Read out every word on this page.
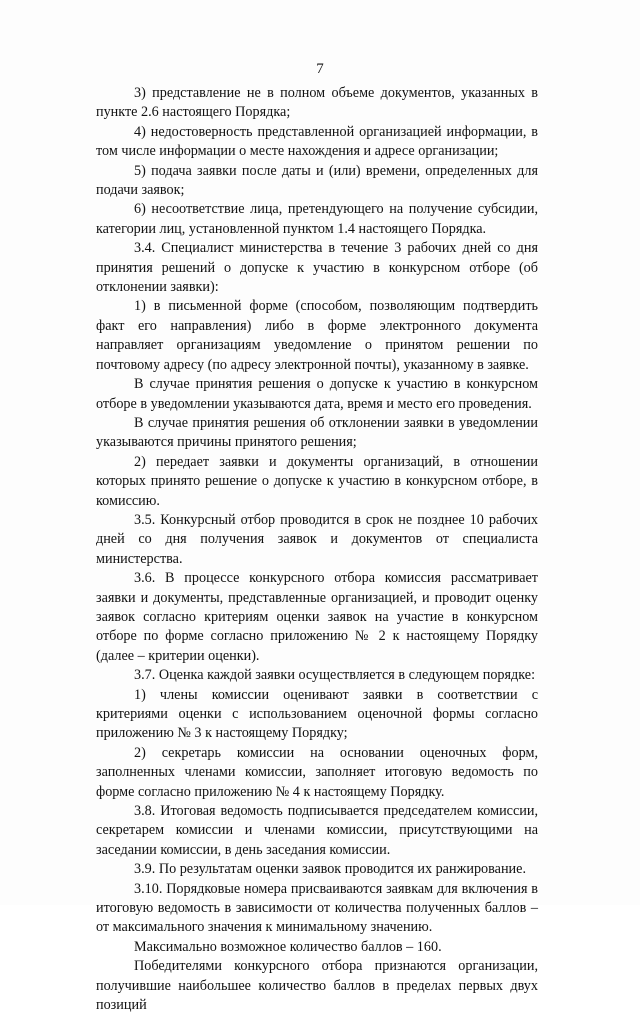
7

3) представление не в полном объеме документов, указанных в пункте 2.6 настоящего Порядка;

4) недостоверность представленной организацией информации, в том числе информации о месте нахождения и адресе организации;

5) подача заявки после даты и (или) времени, определенных для подачи заявок;

6) несоответствие лица, претендующего на получение субсидии, категории лиц, установленной пунктом 1.4 настоящего Порядка.

3.4. Специалист министерства в течение 3 рабочих дней со дня принятия решений о допуске к участию в конкурсном отборе (об отклонении заявки):

1) в письменной форме (способом, позволяющим подтвердить факт его направления) либо в форме электронного документа направляет организациям уведомление о принятом решении по почтовому адресу (по адресу электронной почты), указанному в заявке.

В случае принятия решения о допуске к участию в конкурсном отборе в уведомлении указываются дата, время и место его проведения.

В случае принятия решения об отклонении заявки в уведомлении указываются причины принятого решения;

2) передает заявки и документы организаций, в отношении которых принято решение о допуске к участию в конкурсном отборе, в комиссию.

3.5. Конкурсный отбор проводится в срок не позднее 10 рабочих дней со дня получения заявок и документов от специалиста министерства.

3.6. В процессе конкурсного отбора комиссия рассматривает заявки и документы, представленные организацией, и проводит оценку заявок согласно критериям оценки заявок на участие в конкурсном отборе по форме согласно приложению № 2 к настоящему Порядку (далее – критерии оценки).

3.7. Оценка каждой заявки осуществляется в следующем порядке:

1) члены комиссии оценивают заявки в соответствии с критериями оценки с использованием оценочной формы согласно приложению № 3 к настоящему Порядку;

2) секретарь комиссии на основании оценочных форм, заполненных членами комиссии, заполняет итоговую ведомость по форме согласно приложению № 4 к настоящему Порядку.

3.8. Итоговая ведомость подписывается председателем комиссии, секретарем комиссии и членами комиссии, присутствующими на заседании комиссии, в день заседания комиссии.

3.9. По результатам оценки заявок проводится их ранжирование.

3.10. Порядковые номера присваиваются заявкам для включения в итоговую ведомость в зависимости от количества полученных баллов – от максимального значения к минимальному значению.

Максимально возможное количество баллов – 160.

Победителями конкурсного отбора признаются организации, получившие наибольшее количество баллов в пределах первых двух позиций
